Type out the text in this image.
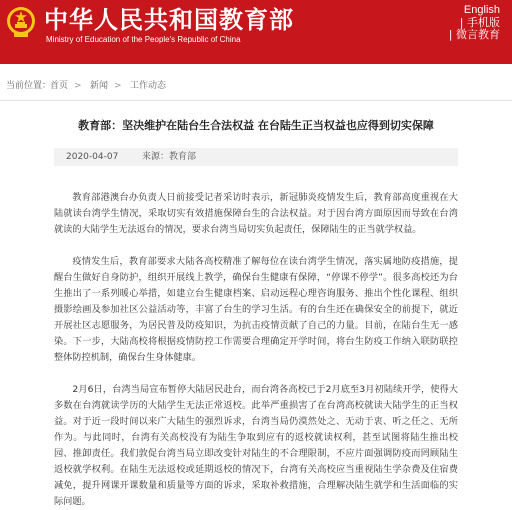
中华人民共和国教育部
Ministry of Education of the People's Republic of China
English
| 手机版
| 微言教育
当前位置：
首页 > 新闻 > 工作动态
教育部：坚决维护在陆台生合法权益 在台陆生正当权益也应得到切实保障
2020-04-07	来源：教育部

教育部港澳台办负责人日前接受记者采访时表示，新冠肺炎疫情发生后，教育部高度重视在大陆就读台湾学生情况，采取切实有效措施保障台生的合法权益。对于因台湾方面原因而导致在台湾就读的大陆学生无法返台的情况，要求台湾当局切实负起责任，保障陆生的正当就学权益。

疫情发生后，教育部要求大陆各高校精准了解每位在读台湾学生情况，落实属地防疫措施，提醒台生做好自身防护，组织开展线上教学，确保台生健康有保障，“停课不停学”。很多高校还为台生推出了一系列暖心举措，如建立台生健康档案、启动远程心理咨询服务、推出个性化课程、组织摄影绘画及参加社区公益活动等，丰富了台生的学习生活。有的台生还在确保安全的前提下，就近开展社区志愿服务，为居民普及防疫知识，为抗击疫情贡献了自己的力量。目前，在陆台生无一感染。下一步，大陆高校将根据疫情防控工作需要合理确定开学时间，将台生防疫工作纳入联防联控整体防控机制，确保台生身体健康。

2月6日，台湾当局宣布暂停大陆居民赴台，而台湾各高校已于2月底至3月初陆续开学，使得大多数在台湾就读学历的大陆学生无法正常返校。此举严重损害了在台湾高校就读大陆学生的正当权益。对于近一段时间以来广大陆生的强烈诉求，台湾当局仍漠然处之、无动于衷、听之任之、无所作为。与此同时，台湾有关高校没有为陆生争取到应有的返校就读权利，甚至试图将陆生推出校园、推卸责任。我们敦促台湾当局立即改变针对陆生的不合理限制，不应片面强调防疫而罔顾陆生返校就学权利。在陆生无法返校或延期返校的情况下，台湾有关高校应当重视陆生学杂费及住宿费减免，提升网课开课数量和质量等方面的诉求，采取补救措施，合理解决陆生就学和生活面临的实际问题。
